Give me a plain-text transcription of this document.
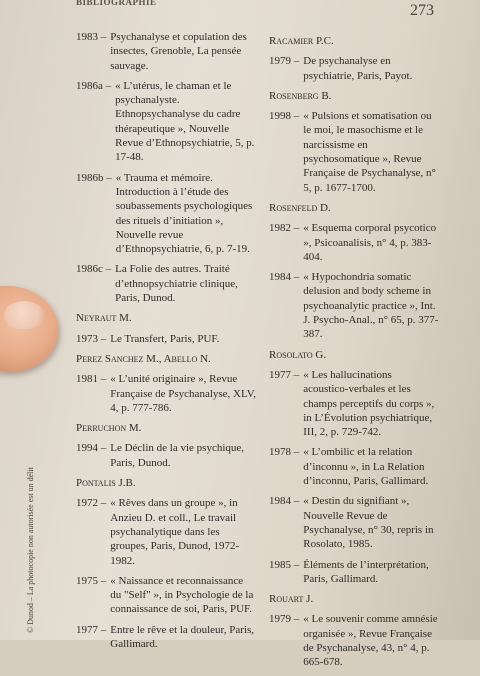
BIBLIOGRAPHIE	273
1983 – Psychanalyse et copulation des insectes, Grenoble, La pensée sauvage.
1986a – « L’utérus, le chaman et le psychanalyste. Ethnopsychanalyse du cadre thérapeutique », Nouvelle Revue d’Ethnopsychiatrie, 5, p. 17-48.
1986b – « Trauma et mémoire. Introduction à l’étude des soubassements psychologiques des rituels d’initiation », Nouvelle revue d’Ethnopsychiatrie, 6, p. 7-19.
1986c – La Folie des autres. Traité d’ethnopsychiatrie clinique, Paris, Dunod.
Neyraut M.
1973 – Le Transfert, Paris, PUF.
Perez Sanchez M., Abello N.
1981 – « L’unité originaire », Revue Française de Psychanalyse, XLV, 4, p. 777-786.
Perruchon M.
1994 – Le Déclin de la vie psychique, Paris, Dunod.
Pontalis J.B.
1972 – « Rêves dans un groupe », in Anzieu D. et coll., Le travail psychanalytique dans les groupes, Paris, Dunod, 1972-1982.
1975 – « Naissance et reconnaissance du "Self" », in Psychologie de la connaissance de soi, Paris, PUF.
1977 – Entre le rêve et la douleur, Paris, Gallimard.
Racamier P.C.
1979 – De psychanalyse en psychiatrie, Paris, Payot.
Rosenberg B.
1998 – « Pulsions et somatisation ou le moi, le masochisme et le narcissisme en psychosomatique », Revue Française de Psychanalyse, n° 5, p. 1677-1700.
Rosenfeld D.
1982 – « Esquema corporal psycotico », Psicoanalisis, n° 4, p. 383-404.
1984 – « Hypochondria somatic delusion and body scheme in psychoanalytic practice », Int. J. Psycho-Anal., n° 65, p. 377-387.
Rosolato G.
1977 – « Les hallucinations acoustico-verbales et les champs perceptifs du corps », in L’Évolution psychiatrique, III, 2, p. 729-742.
1978 – « L’ombilic et la relation d’inconnu », in La Relation d’inconnu, Paris, Gallimard.
1984 – « Destin du signifiant », Nouvelle Revue de Psychanalyse, n° 30, repris in Rosolato, 1985.
1985 – Éléments de l’interprétation, Paris, Gallimard.
Rouart J.
1979 – « Le souvenir comme amnésie organisée », Revue Française de Psychanalyse, 43, n° 4, p. 665-678.
© Dunod – La photocopie non autorisée est un délit
